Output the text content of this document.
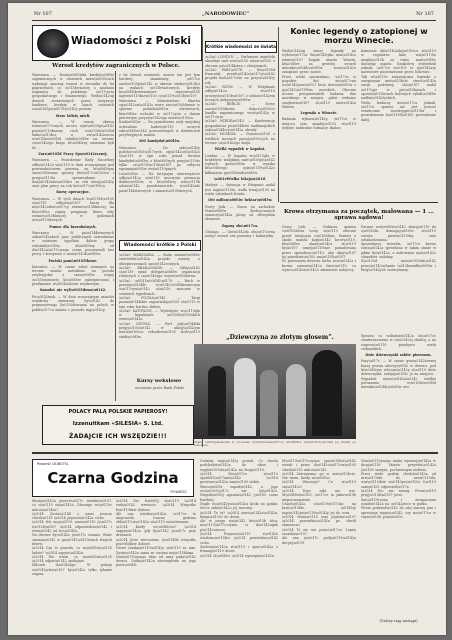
Nr 107	„NARODOWIEC”	Nr 107
Wiadomości z Polski
Wzrost kredytów zagranicznych w Polsce.
Warszawa. — Rozm\u00f3wka kredyt\u00f3w zagranicznych w ostatnich miesi\u0105cach wykazuje znaczny wzrost w stosunku do lat poprzednich, co \u015bwiadczy o zaufaniu zagranicy do polskiego \u017cycia gospodarczego i finansowego. Wed\u0142ug danych zestawionych przez instytucje bankowe, kredyty w latach ostatnich osi\u0105gn\u0119\u0142y poziom
Strze lalisty mieli.
Warszawa. — W czasie okresu wzmo\u017conych mrozu wyst\u0105pi\u0142 powi\u0119kszony ruch w\u015br\u00f3d ludno\u015bci, a zw\u0142aszcza w\u015br\u00f3d rolnik\u00f3w na terenie ca\u0142ego kraju, kt\u00f3rzy zmuszeni byli do ...
Zarz\u0105d Pracy Spo\u0142ecznej.
Warszawa. — Posiedzenie Rady Naczelnej odby\u0142o si\u0119 w dniu wczorajszym pod przewodnictwem prezesa, na kt\u00f3rym om\u00f3wiono sprawy bie\u017c\u0105ce i przyj\u0119to sprawozdanie z dzia\u0142alno\u015bci za rok ubieg\u0142y oraz plan pracy na rok bie\u017c\u0105cy.
Kursy operacyjne.
Warszawa. — W tych dniach b\u0119d\u0105 si\u0119 odbywa\u0107 kursy dla m\u0142odzie\u017cy rzemie\u015blniczej, na kt\u00f3re zapisy przyjmuje biuro izby rzemie\u015blniczej w godzinach urz\u0119dowych.
Pomoc dla bezrobotnych.
Warszawa. — W pa\u0144stwowych zak\u0142adach prac publicznych zatrudniono w ostatnim tygodniu dalsze grupy robotnik\u00f3w, kt\u00f3rzy od d\u0142u\u017cszego czasu pozostawali bez pracy i korzystali z zasi\u0142k\u00f3w.
Pociski pami\u0105tkowe.
Katowice. — W czasie robot ziemnych na terenie miasta natrafiono na pociski artyleryjskie z czas\u00f3w wojny \u015bwiatowej, kt\u00f3re zabezpieczono i przekazano w\u0142adzom wojskowym.
Samolot nie wyl\u0105dowa\u0142.
Pu\u0142tusk. — W dniu wczorajszym samolot wojskowy zmuszony by\u0142 do przymusowego l\u0105dowania na polach w pobli\u017cu miasta z powodu mg\u0142y.
z lat dwuch ostatnich, wzrost ten jest tym bardziej znamienny, \u017ce nast\u0105pi\u0142 w okresie trudno\u015bci na rynkach \u015bwiatowych. Kredyty kr\u00f3tkoterminowe stanowi\u0105 najwi\u0119ksz\u0105 cz\u0119\u015b\u0107.
Warszawa. — Ministerstwo Skarbu og\u0142osi\u0142o nowe zarz\u0105dzenie w sprawie podatk\u00f3w obrotowych, kt\u00f3re wchodzi w \u017cycie z dniem pierwszym przysz\u0142ego miesi\u0105ca.
Krak\u00f3w. — Na posiedzeniu rady miejskiej uchwalono budow\u0119 nowych szk\u00f3\u0142 powszechnych w dzielnicach peryferyjnych miasta.
200 kandydat\u00f3w.
Warszawa. — Do szko\u0142y podchor\u0105\u017cych zg\u0142osi\u0142o si\u0119 w tym roku ponad dwustu kandydat\u00f3w, z kt\u00f3rych przyj\u0119to tylko cz\u0119\u015b\u0107 po odbyciu egzamin\u00f3w wst\u0119pnych.
Lw\u00f3w. — Na tutejszym uniwersytecie odby\u0142a si\u0119 uroczysta promocja doktor\u00f3w, w kt\u00f3rej wzi\u0119li udzia\u0142 przedstawiciele w\u0142adz pa\u0144stwowych i samorz\u0105dowych.
Wiadomości krótkie z Polski
\u25a0 WARSZAWA. — Rada ministr\u00f3w zatwierdzi\u0142a projekt ustawy o ubezpieczeniach spo\u0142ecznych.
\u25a0 KRAK\u00d3W. — Odby\u0142 si\u0119 zjazd delegat\u00f3w organizacji rolniczych z ca\u0142ego wojew\u00f3dztwa.
\u25a0 \u0141\u00d3D\u0179. — Ruch w przemy\u015ble w\u0142\u00f3kienniczym o\u017cywi\u0142 si\u0119 znacznie w ostatnich tygodniach.
\u25a0 POZNA\u0143. — Targi pozna\u0144skie zapowiadaj\u0105 si\u0119 w tym roku bardzo obficie.
\u25a0 KATOWICE. — Wydobycie w\u0119gla w kopalniach \u015bl\u0105skich wzros\u0142o.
\u25a0 GDYNIA. — Port gdy\u0144ski przyj\u0105\u0142 w ubieg\u0142ym miesi\u0105cu rekordow\u0105 liczb\u0119 statk\u00f3w.
Kursy wekslowe
notowane przez Bank Polski
POLACY PALĄ POLSKIE PAPIEROSY!
Izzenuitkam «SILESIA» S. Ltd.
ŻADAJCIE ICH WSZĘDZIE!!!
Krótkie wiadomości ze świata
\u25a0 LONDYN. — Parlament angielski obraduje nad now\u0105 ustaw\u0105 o obronie pa\u0144stwa i zbrojeniach.
\u25a0 PARY\u017b. — Rz\u0105d francuski przed\u0142o\u017cy\u0142 projekt bud\u017cetu na przysz\u0142y rok.
\u25a0 RZYM. — W Watykanie odby\u0142a si\u0119 uroczysto\u015b\u0107 z udzia\u0142em licznych pielgrzym\u00f3w.
\u25a0 BERLIN. — Nowe zarz\u0105dzenia dotycz\u0105ce handlu zagranicznego wesz\u0142y w \u017cycie.
\u25a0 WIEDE\u0143. — Konferencja gospodarcza pa\u0144stw naddunajskich zako\u0144czy\u0142a obrady.
\u25a0 MOSKWA. — Donosz\u0105 o wielkich mrozach panuj\u0105cych na terenie ca\u0142ego kraju.
Wielki wypadek w kopalni.
Londyn. — W kopalni w\u0119gla w hrabstwie walijskim nast\u0105pi\u0142 wybuch gaz\u00f3w, w wyniku kt\u00f3rego zgin\u0119\u0142o kilkunastu g\u00f3rnik\u00f3w.
\u201eWielka lekcja\u201d.
Madryt. — Sytuacja w Hiszpanii nadal jest napi\u0119ta, walki trwaj\u0105 na wielu odcinkach frontu.
100 milion\u00f3w hektar\u00f3w.
Nowy Jork. — Susza na zachodzie Stan\u00f3w Zjednoczonych zniszczy\u0142a plony na olbrzymim obszarze.
Zapasy zbo\u017ca.
Chicago. — Gie\u0142da zbo\u017cowa notuje wzrost cen pszenicy i kukurydzy.
Koniec legendy o zatopionej w morzu Winecie.
Wed\u0142ug starej legendy na wybrze\u017cu Ba\u0142tyku mia\u0142o istnie\u0107 bogate miasto Wineta, kt\u00f3re za grzechy swoich mieszka\u0144c\u00f3w zosta\u0142o zatopione przez morze.
Przez wieki opowiadano, \u017ce w pogodne dni mo\u017cna us\u0142ysze\u0107 bicie dzwon\u00f3w z g\u0142\u0119bin morskich. Obecnie uczeni przeprowadzili badania dna morskiego w miejscu, gdzie rzekomo znajdowa\u0107 si\u0119 mia\u0142a Wineta.
Legenda o Winecie.
Badania wykaza\u0142y, \u017ce w miejscu tym znajduj\u0105 si\u0119 jedynie naturalne formacje skalne.
Kamienie uk\u0142adaj\u0105ce si\u0119 w regularne linie wzi\u0119to niegdy\u015b za ruiny mur\u00f3w dawnego miasta. Naukowcy stwierdzili jednak, \u017ce s\u0105 to g\u0142azy narzutowe pozostawione przez lodowiec.
Tak wi\u0119c romantyczna legenda o zatopionym mie\u015bcie straci\u0142a swoje podstawy, cho\u0107 nadal \u017cyje w pie\u015bniach i opowie\u015bciach ludowych rybak\u00f3w nadba\u0142tyckich.
Wielu badaczy uwa\u017ca jednak, \u017ce sprawa nie jest jeszcze ostatecznie rozstrzygni\u0119ta i poszukiwania b\u0119d\u0105 prowadzone dalej.
Krowa otrzymana za początek, malowana — 1 ... sprawa sądowa!
Nowy Jork. — Ciekawa sprawa s\u0105dowa toczy si\u0119 obecnie przed tutejszym s\u0105dem. Farmer z okolic miasta kupi\u0142 krow\u0119, kt\u00f3ra okaza\u0142a si\u0119 by\u0107 umiej\u0119tnie pomalowana przez sprzedawc\u0119, aby ukry\u0107 jej prawdziw\u0105 ma\u015b\u0107.
Po pierwszym deszczu farba zesz\u0142a i krowa zmieni\u0142a barw\u0119, co wywo\u0142a\u0142o zdumienie nabywcy.
Farmer wni\u00f3s\u0142 skarg\u0119 do s\u0105du domagaj\u0105c si\u0119 zwrotu pieni\u0119dzy oraz odszkodowania.
Sprzedawca twierdzi, \u017ce krowa zosta\u0142a sprzedana w takim stanie w jakim by\u0142a, a malowanie mia\u0142o charakter ozdobny.
S\u0105d zarz\u0105dzi\u0142 przes\u0142uchanie \u015bwiadk\u00f3w i bieg\u0142ych weterynarzy.
„Dziewczyna ze złotym głosem”.
Znana \u015bpiewaczka w otoczeniu m\u0142odzie\u017cy, kt\u00f3ra wr\u0119czy\u0142a jej kwiaty po koncercie.
Sprawa ta wzbudzi\u0142a du\u017ce zainteresowanie w ca\u0142ej okolicy, a na rozpraw\u0119 przybywa wielu ciekawskich.
Dwie dziewczynki zabite piorunem.
Pary\u017c. — W czasie gwa\u0142townej burzy piorun uderzy\u0142 w drzewo, pod kt\u00f3rym schroni\u0142y si\u0119 dwie dziewczynki, zabijaj\u0105c je na miejscu.
Wypadek wywo\u0142a\u0142 wielkie poruszenie w\u015br\u00f3d mieszka\u0144c\u00f3w wsi.
Powieść DÜBSTEL
Czarna Godzina
POWIEŚĆ
Musia\u0142a przecie\u017c wiedzie\u0107, co si\u0119 sta\u0142o. Dlaczego wi\u0119c milcza\u0142a?
\u2014 Zosta\u0144 z nami jeszcze chwil\u0119 \u2014 poprosi\u0142a cicho.
\u2014 Nie mog\u0119, musz\u0119 ju\u017c i\u015b\u0107 \u2014 odpowiedzia\u0142 i wsta\u0142 od sto\u0142u.
Na dworze by\u0142o ju\u017c ciemno. Wiatr szumia\u0142 w ga\u0142\u0119ziach starych drzew.
\u2014 Czy to prawda, co m\u00f3wi\u0105 ludzie? \u2014 zapyta\u0142a.
\u2014 Nie wiem, co m\u00f3wi\u0105 \u2014 odpar\u0142 spokojnie.
Milczeli d\u0142ugo. W pokoju s\u0142ycha\u0107 by\u0142o tylko tykanie zegara.
\u2014 Nie b\u00f3j si\u0119 \u2014 rzek\u0142 wreszcie. \u2014 Wszystko b\u0119dzie dobrze.
Ale ona wiedzia\u0142a, \u017ce to nieprawda. Czarna godzina zbli\u017ca\u0142a si\u0119 nieuchronnie.
\u2014 Kiedy wr\u00f3cisz? \u2014 zapyta\u0142a, gdy by\u0142 ju\u017c przy drzwiach.
\u2014 Jutro wieczorem, je\u015bli wszystko p\u00f3jdzie dobrze.
Drzwi zamkn\u0119\u0142y si\u0119 za nim. Zosta\u0142a sama ze swoimi my\u015blami.
Nast\u0119pnego dnia od rana pada\u0142 deszcz. Czeka\u0142a niecierpliwie na jego powr\u00f3t.
Godziny mija\u0142y powoli. Co chwila podchodzi\u0142a do okna i wygl\u0105da\u0142a na drog\u0119.
\u2014 Mo\u017ce si\u0119 sp\u00f3\u017ani\u0142 \u2014 pociesza\u0142a sam\u0105 siebie.
Wiecz\u00f3r zapad\u0142, a jego wci\u0105\u017c nie by\u0142o. Niepok\u00f3j ogarnia\u0142 j\u0105 coraz bardziej.
Nagle us\u0142ysza\u0142a kroki na ganku. Serce zabi\u0142o jej mocniej.
\u2014 To ty? \u2014 zawo\u0142a\u0142a, biegn\u0105c do drzwi.
Ale w progu sta\u0142 kto\u015b obcy, m\u0119\u017cczyzna w d\u0142ugim p\u0142aszczu.
\u2014 Przynosz\u0119 z\u0142e wiadomo\u015bci \u2014 powiedzia\u0142 cicho.
Zachwia\u0142a si\u0119 i opar\u0142a o framug\u0119 drzwi.
\u2014 M\u00f3w \u2014 wyszepta\u0142a.
M\u0119\u017cczyzna spu\u015bci\u0142 wzrok i przez d\u0142u\u017csz\u0105 chwil\u0119 milcza\u0142.
\u2014 Zatrzymano go w mie\u015bcie. Nie wiem, kiedy wr\u00f3ci.
\u2014 Dlaczego? Co si\u0119 sta\u0142o?
\u2014 Tego nikt nie wie. M\u00f3wi\u0105, \u017ce to jakie\u015b nieporozumienie.
Usiad\u0142a ci\u0119\u017cko na krze\u015ble. \u0141zy nap\u0142yn\u0119\u0142y jej do oczu.
\u2014 Musz\u0119 tam pojecha\u0107 \u2014 powiedzia\u0142a po chwili stanowczo.
\u2014 To nic nie pomo\u017ce. Lepiej zaczeka\u0107.
Ale ona ju\u017c podj\u0119\u0142a decyzj\u0119.
Nast\u0119pnego ranka wyruszy\u0142a w drog\u0119. Miasto przywita\u0142o j\u0105 szarym, pochmurnym niebem.
Przez wiele godzin chodzi\u0142a od urz\u0119du do urz\u0119du, wsz\u0119dzie s\u0142ysz\u0105c t\u0119 sam\u0105 odpowied\u017a.
\u2014 Nic nie wiemy. Prosz\u0119 przyj\u015b\u0107 jutro.
Zm\u0119czona i zrozpaczona usiad\u0142a na \u0142awce w parku.
Wtem podszed\u0142 do niej starszy pan i uprzejmie zapyta\u0142, czy mo\u017ce w czym\u015b pom\u00f3c.
(Dalszy ciąg nastąpi)
